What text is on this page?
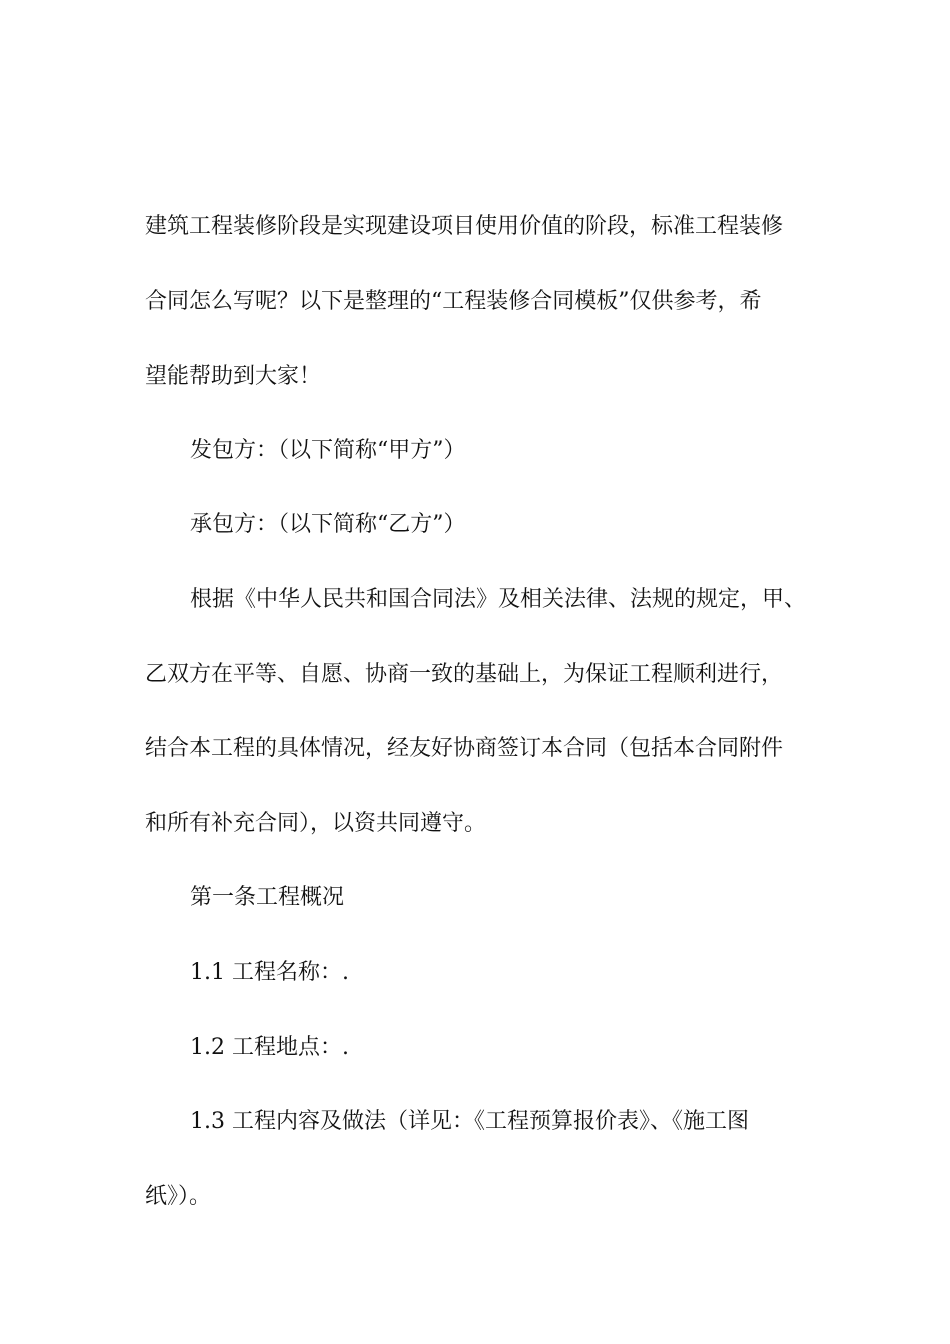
建筑工程装修阶段是实现建设项目使用价值的阶段，标准工程装修
合同怎么写呢？以下是整理的“工程装修合同模板”仅供参考，希
望能帮助到大家！
发包方：（以下简称“甲方”）
承包方：（以下简称“乙方”）
根据《中华人民共和国合同法》及相关法律、法规的规定，甲、
乙双方在平等、自愿、协商一致的基础上，为保证工程顺利进行，
结合本工程的具体情况，经友好协商签订本合同（包括本合同附件
和所有补充合同），以资共同遵守。
第一条工程概况
1.1 工程名称：.
1.2 工程地点：.
1.3 工程内容及做法（详见：《工程预算报价表》、《施工图
纸》）。
